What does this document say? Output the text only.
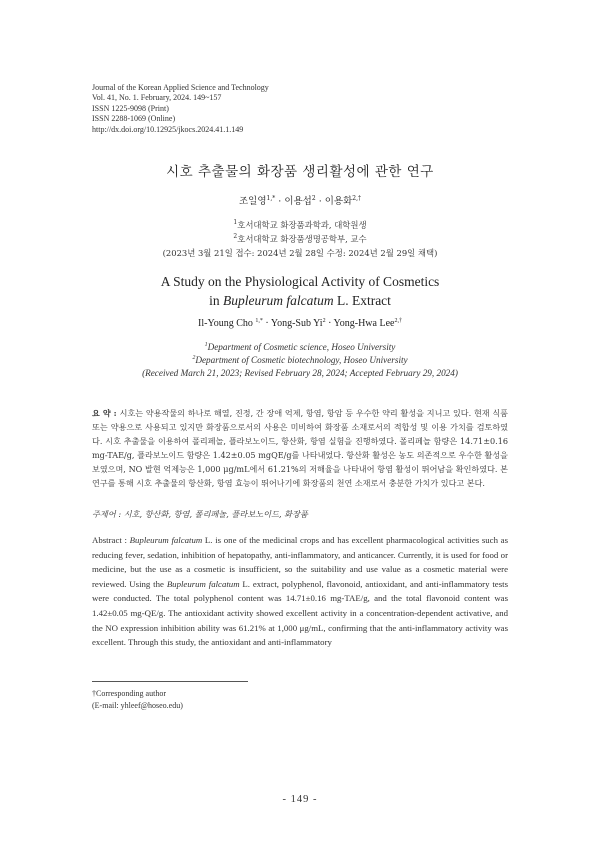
Journal of the Korean Applied Science and Technology
Vol. 41, No. 1. February, 2024. 149~157
ISSN 1225-9098 (Print)
ISSN 2288-1069 (Online)
http://dx.doi.org/10.12925/jkocs.2024.41.1.149
시호 추출물의 화장품 생리활성에 관한 연구
조일영$^{1,*}$ · 이용섭$^2$ · 이용화$^{2,\dagger}$
$^1$호서대학교 화장품과학과, 대학원생
$^2$호서대학교 화장품생명공학부, 교수
(2023년 3월 21일 접수: 2024년 2월 28일 수정: 2024년 2월 29일 채택)
A Study on the Physiological Activity of Cosmetics
in Bupleurum falcatum L. Extract
Il-Young Cho $^{1,*}$ · Yong-Sub $Yi^2$ · Yong-Hwa Lee$^{2,\dagger}$
$^1$Department of Cosmetic science, Hoseo University
$^2$Department of Cosmetic biotechnology, Hoseo University
(Received March 21, 2023; Revised February 28, 2024; Accepted February 29, 2024)
요 약 : 시호는 약용작물의 하나로 해열, 진정, 간 장애 억제, 항염, 항암 등 우수한 약리 활성을 지니고 있다. 현재 식품 또는 약용으로 사용되고 있지만 화장품으로서의 사용은 미비하여 화장품 소재로서의 적합성 및 이용 가치를 검토하였다. 시호 추출물을 이용하여 폴리페놀, 플라보노이드, 항산화, 항염 실험을 진행하였다. 폴리페놀 함량은 14.71±0.16 mg-TAE/g, 플라보노이드 함량은 1.42±0.05 mgQE/g를 나타내었다. 항산화 활성은 농도 의존적으로 우수한 활성을 보였으며, NO 발현 억제능은 1,000 μg/mL에서 61.21%의 저해율을 나타내어 항염 활성이 뛰어남을 확인하였다. 본 연구를 통해 시호 추출물의 항산화, 항염 효능이 뛰어나기에 화장품의 천연 소재로서 충분한 가치가 있다고 본다.
주제어 : 시호, 항산화, 항염, 폴리페놀, 플라보노이드, 화장품
Abstract : Bupleurum falcatum L. is one of the medicinal crops and has excellent pharmacological activities such as reducing fever, sedation, inhibition of hepatopathy, anti-inflammatory, and anticancer. Currently, it is used for food or medicine, but the use as a cosmetic is insufficient, so the suitability and use value as a cosmetic material were reviewed. Using the Bupleurum falcatum L. extract, polyphenol, flavonoid, antioxidant, and anti-inflammatory tests were conducted. The total polyphenol content was 14.71±0.16 mg-TAE/g, and the total flavonoid content was 1.42±0.05 mg-QE/g. The antioxidant activity showed excellent activity in a concentration-dependent activative, and the NO expression inhibition ability was 61.21% at 1,000 μg/mL, confirming that the anti-inflammatory activity was excellent. Through this study, the antioxidant and anti-inflammatory
†Corresponding author
(E-mail: yhleef@hoseo.edu)
- 149 -
